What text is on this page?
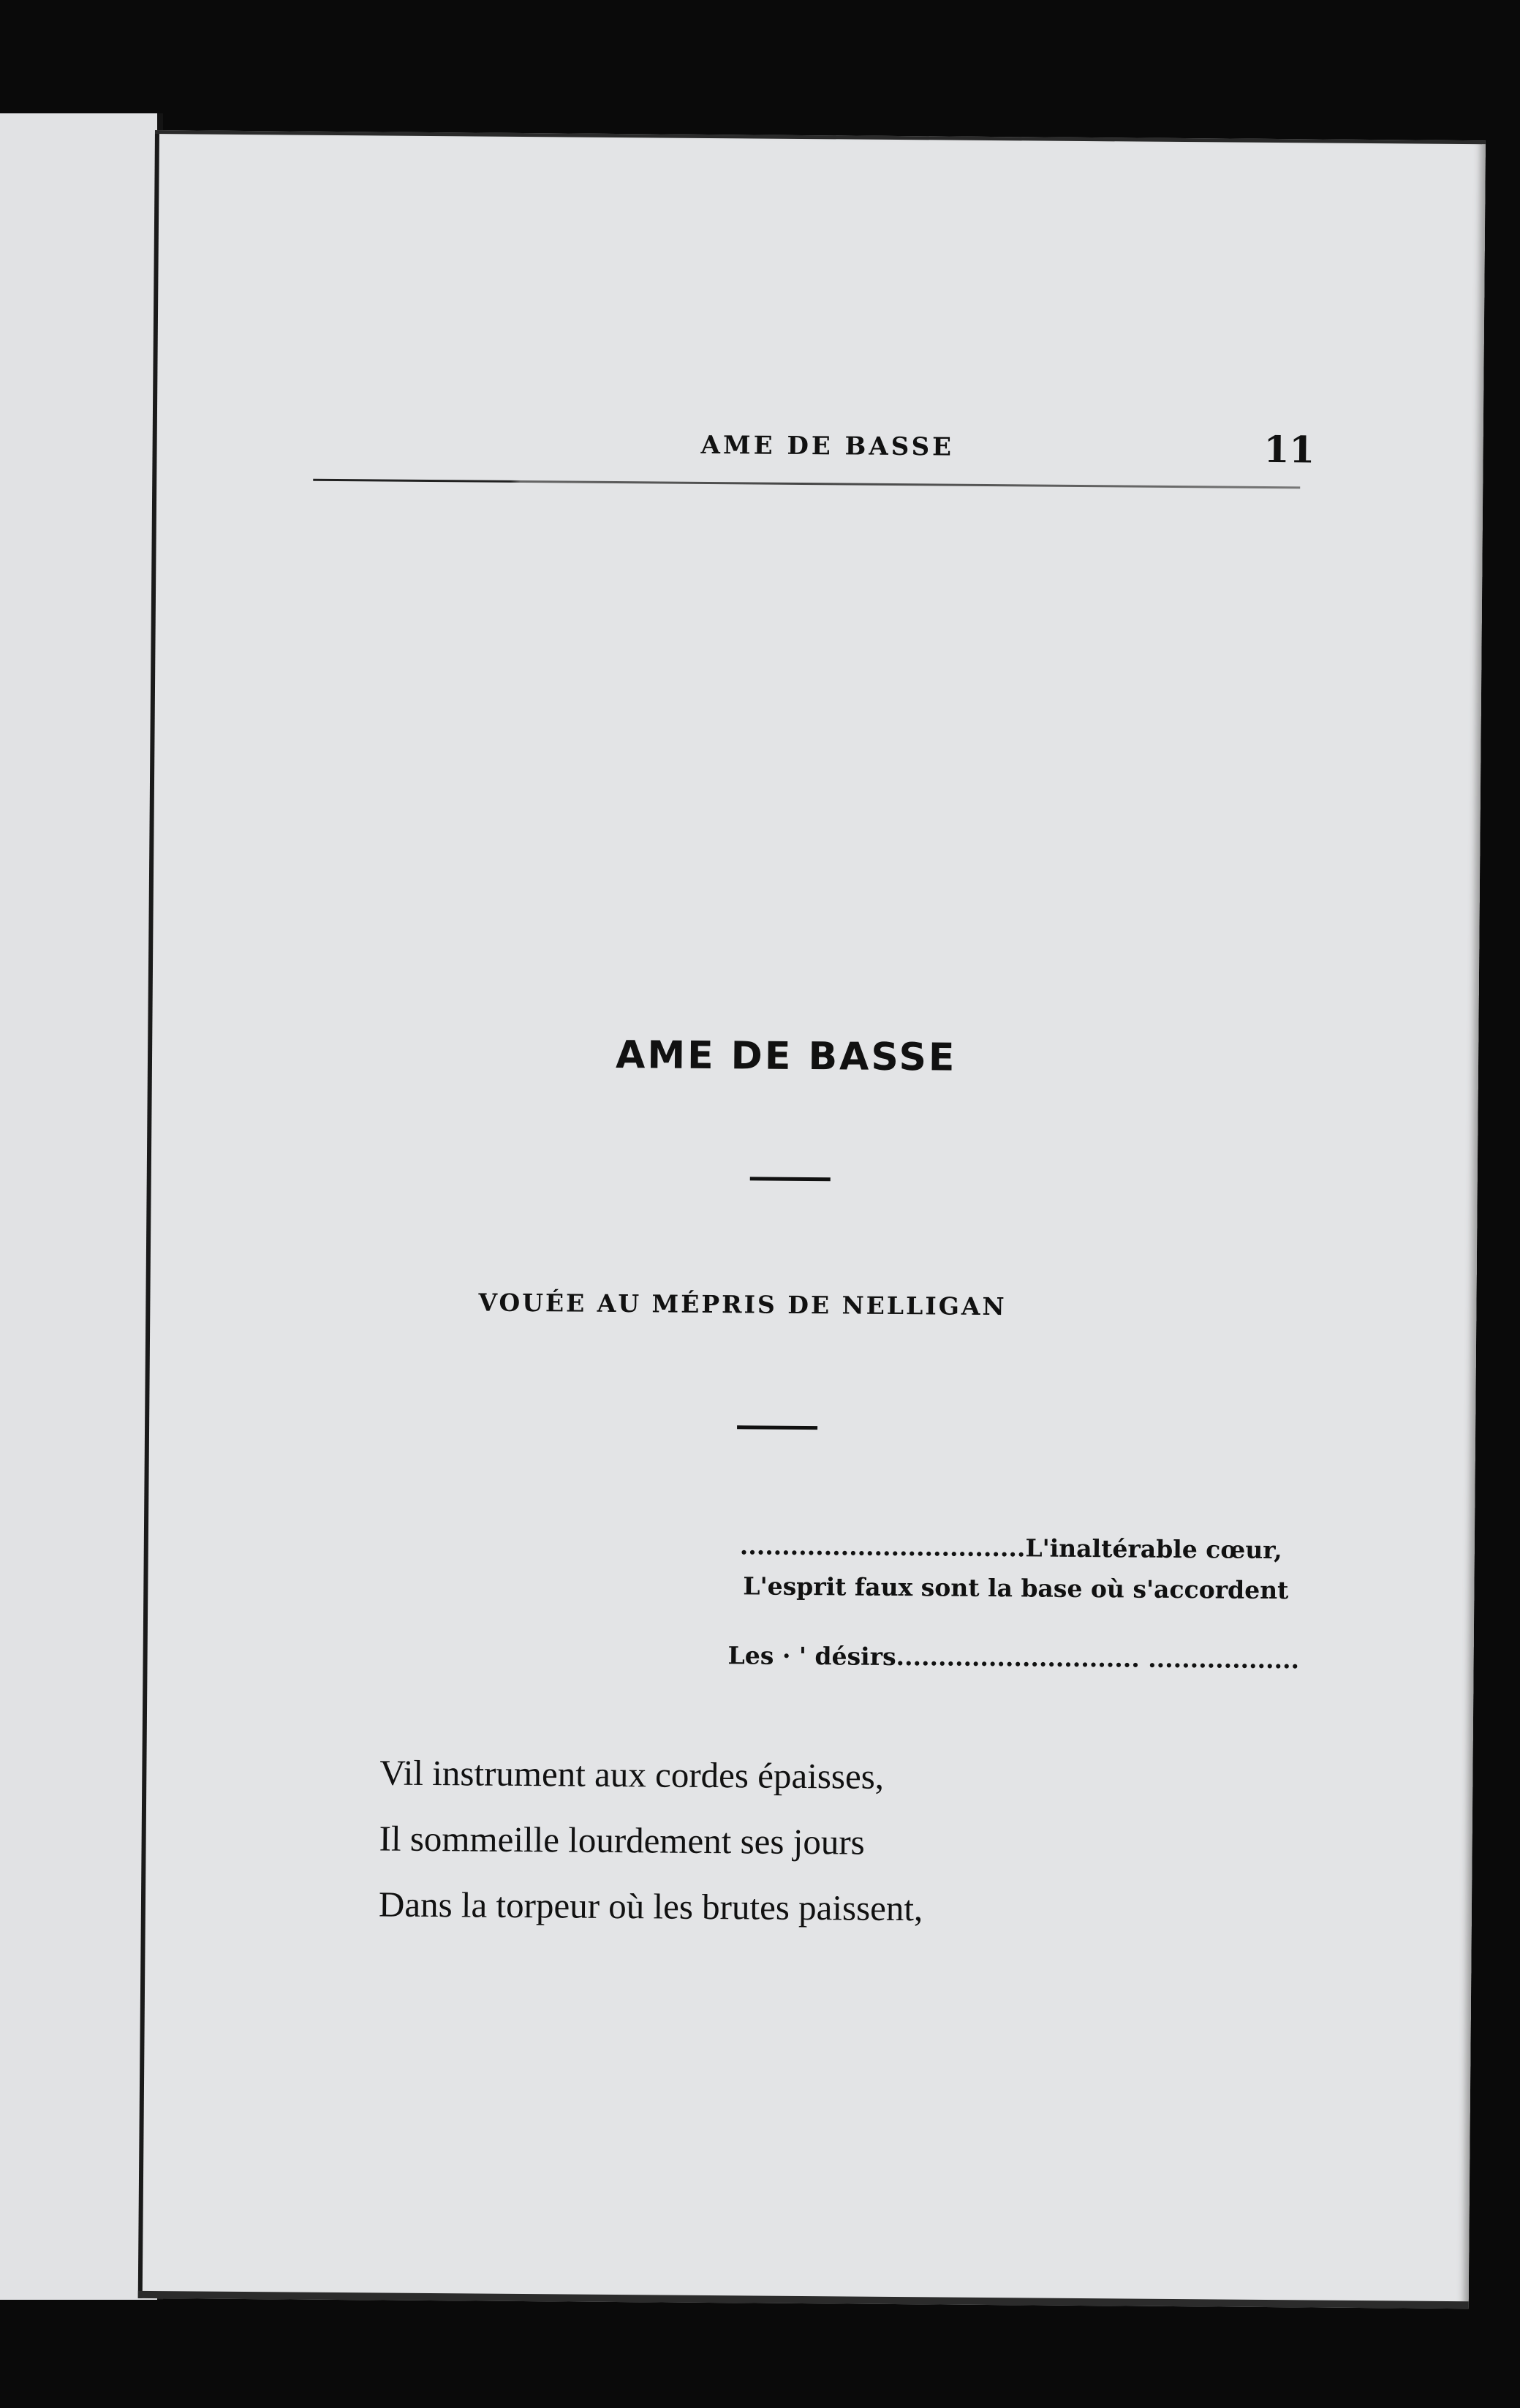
AME DE BASSE	11
AME DE BASSE
VOUÉE AU MÉPRIS DE NELLIGAN
..................................L'inaltérable cœur,
L'esprit faux sont la base où s'accordent
Les · ' désirs............................. ..................
Vil instrument aux cordes épaisses,
Il sommeille lourdement ses jours
Dans la torpeur où les brutes paissent,
